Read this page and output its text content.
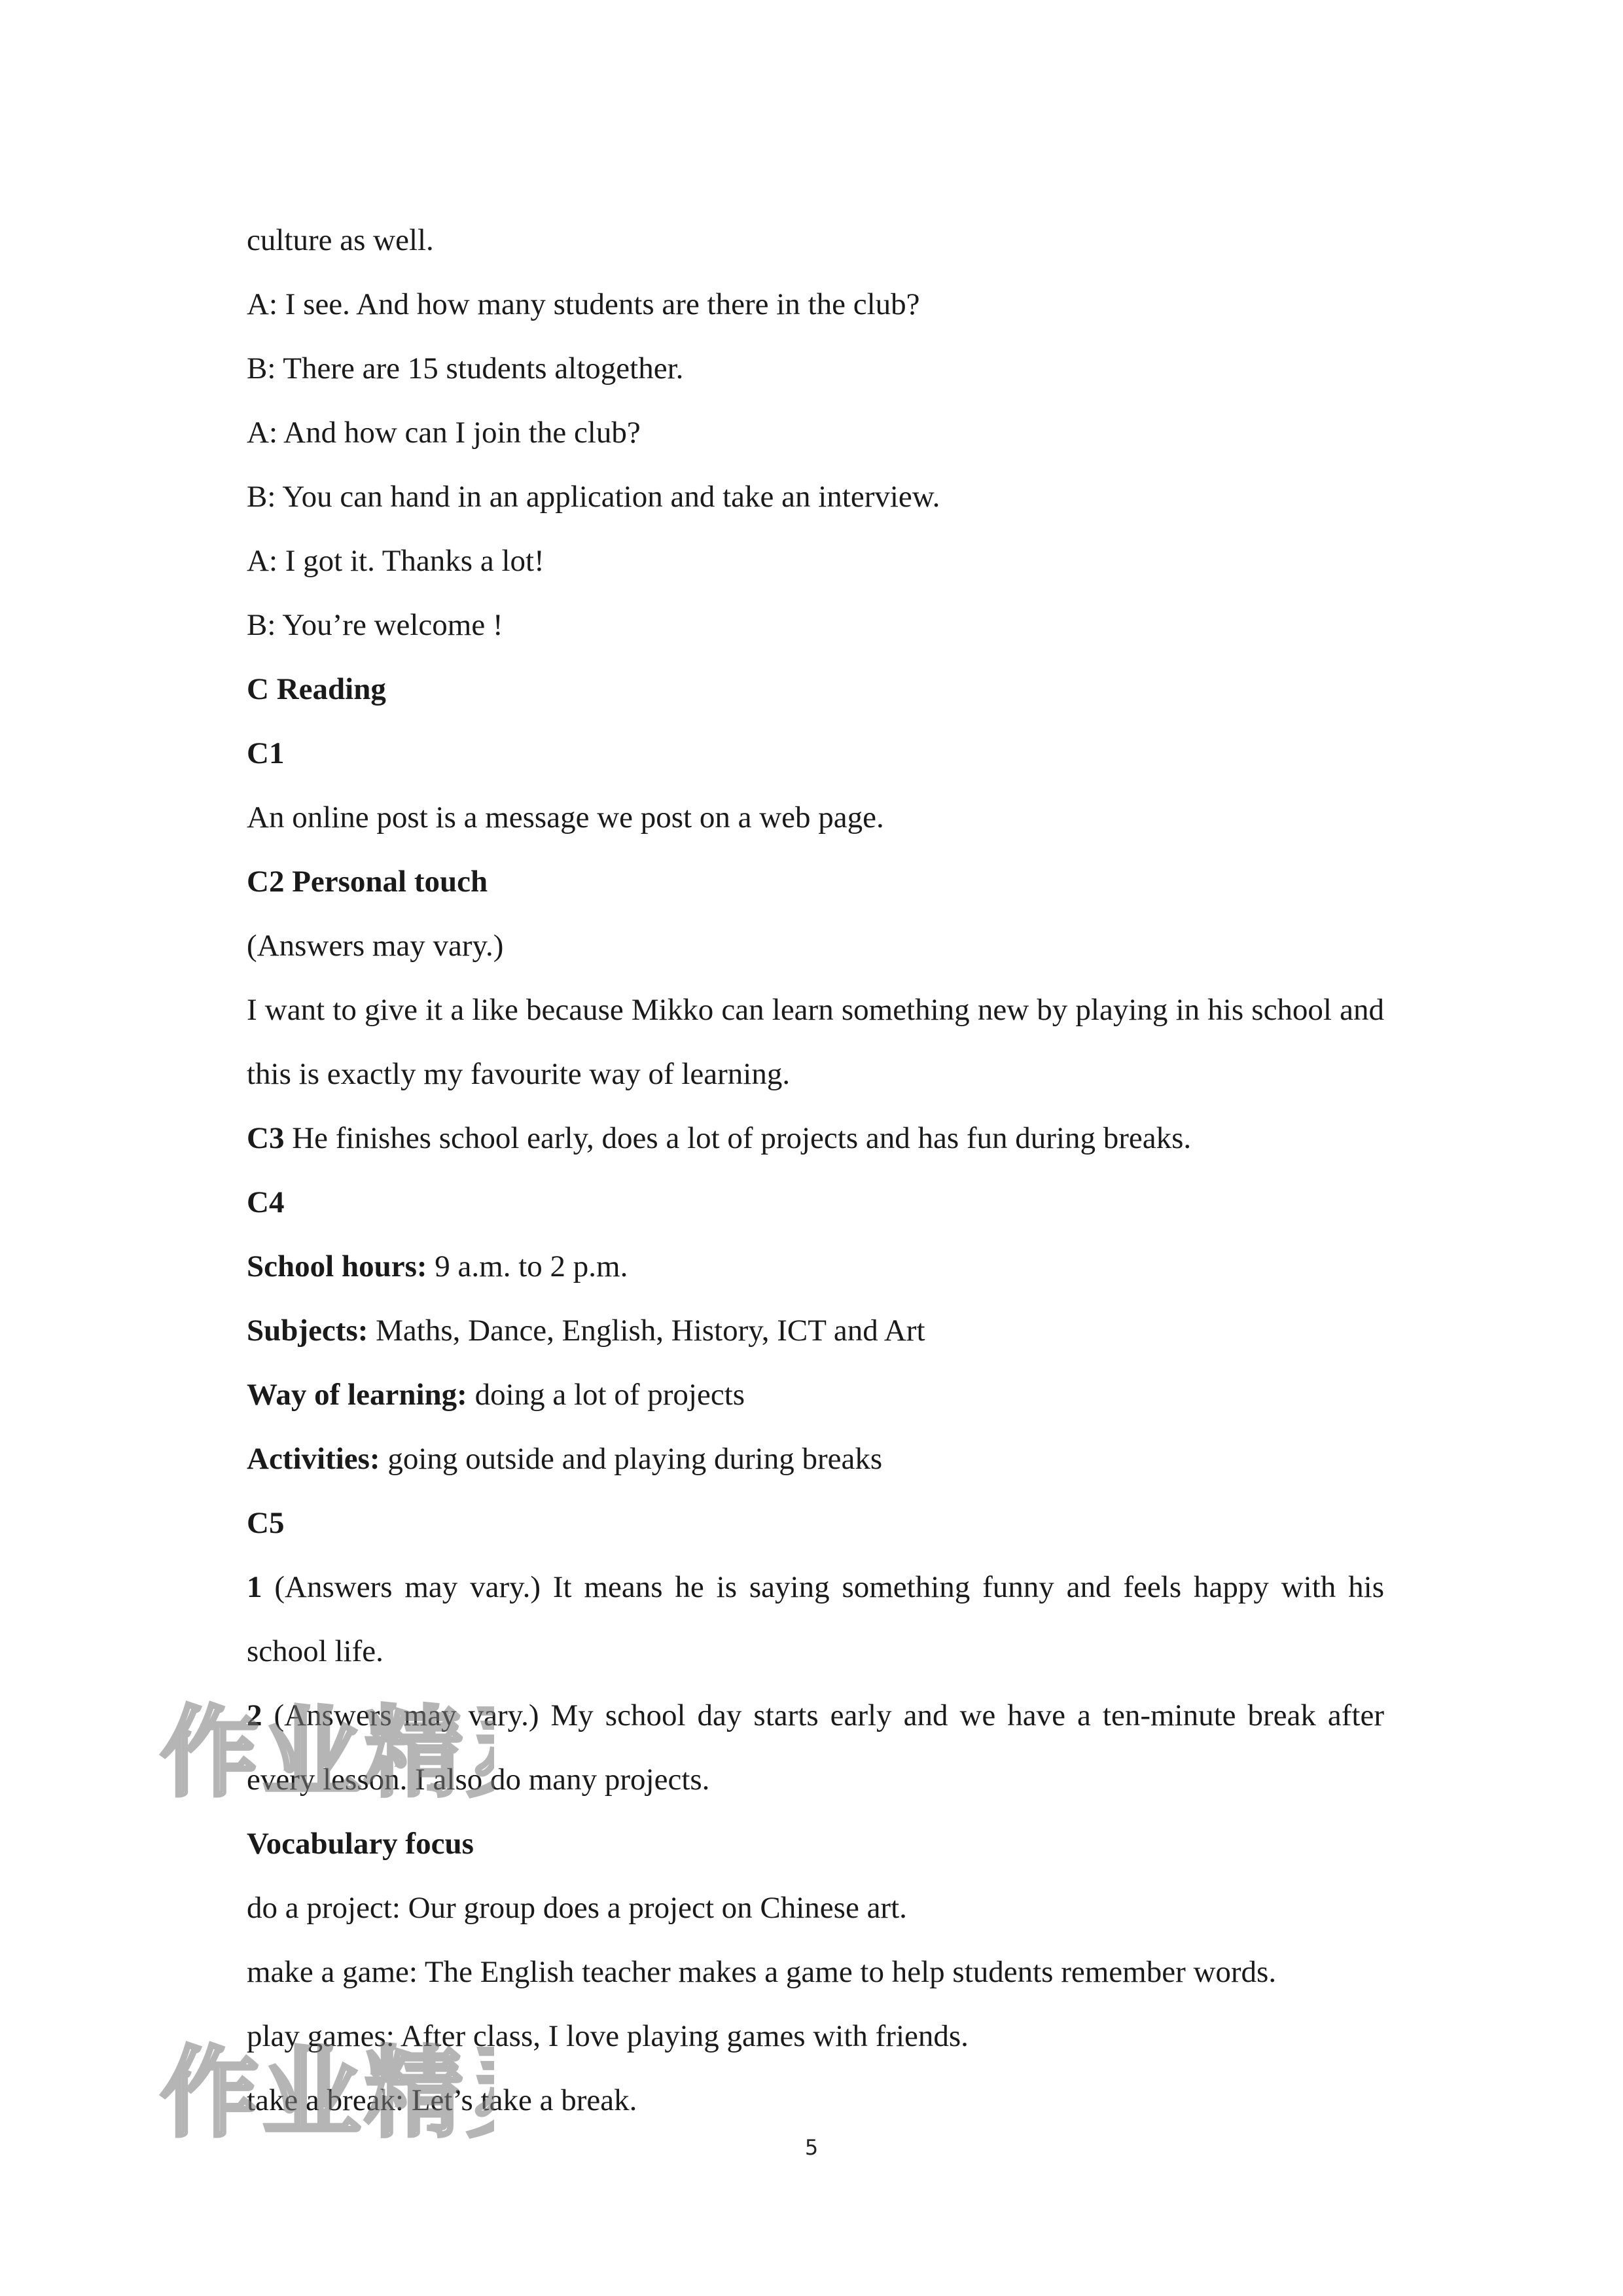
culture as well.
A: I see. And how many students are there in the club?
B: There are 15 students altogether.
A: And how can I join the club?
B: You can hand in an application and take an interview.
A: I got it. Thanks a lot!
B: You’re welcome !
C Reading
C1
An online post is a message we post on a web page.
C2 Personal touch
(Answers may vary.)
I want to give it a like because Mikko can learn something new by playing in his school and this is exactly my favourite way of learning.
C3 He finishes school early, does a lot of projects and has fun during breaks.
C4
School hours: 9 a.m. to 2 p.m.
Subjects: Maths, Dance, English, History, ICT and Art
Way of learning: doing a lot of projects
Activities: going outside and playing during breaks
C5
1 (Answers may vary.) It means he is saying something funny and feels happy with his school life.
2 (Answers may vary.) My school day starts early and we have a ten-minute break after every lesson. I also do many projects.
Vocabulary focus
do a project: Our group does a project on Chinese art.
make a game: The English teacher makes a game to help students remember words.
play games: After class, I love playing games with friends.
take a break: Let’s take a break.
作业精
作业精	5
